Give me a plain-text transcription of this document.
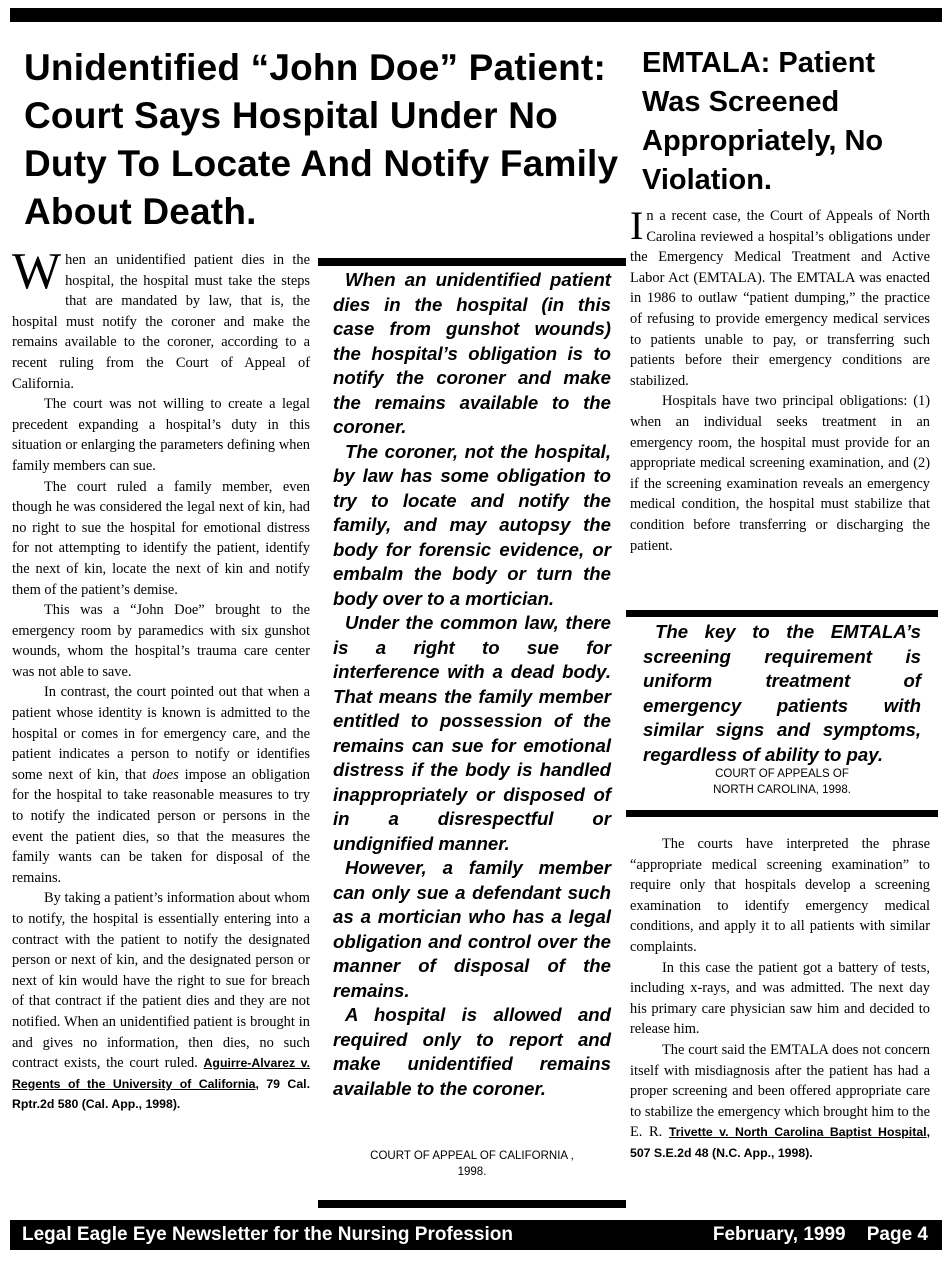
Unidentified “John Doe” Patient: Court Says Hospital Under No Duty To Locate And Notify Family About Death.

When an unidentified patient dies in the hospital, the hospital must take the steps that are mandated by law, that is, the hospital must notify the coroner and make the remains available to the coroner, according to a recent ruling from the Court of Appeal of California.

The court was not willing to create a legal precedent expanding a hospital’s duty in this situation or enlarging the parameters defining when family members can sue.

The court ruled a family member, even though he was considered the legal next of kin, had no right to sue the hospital for emotional distress for not attempting to identify the patient, identify the next of kin, locate the next of kin and notify them of the patient’s demise.

This was a “John Doe” brought to the emergency room by paramedics with six gunshot wounds, whom the hospital’s trauma care center was not able to save.

In contrast, the court pointed out that when a patient whose identity is known is admitted to the hospital or comes in for emergency care, and the patient indicates a person to notify or identifies some next of kin, that does impose an obligation for the hospital to take reasonable measures to try to notify the indicated person or persons in the event the patient dies, so that the measures the family wants can be taken for disposal of the remains.

By taking a patient’s information about whom to notify, the hospital is essentially entering into a contract with the patient to notify the designated person or next of kin, and the designated person or next of kin would have the right to sue for breach of that contract if the patient dies and they are not notified. When an unidentified patient is brought in and gives no information, then dies, no such contract exists, the court ruled. Aguirre-Alvarez v. Regents of the University of California, 79 Cal. Rptr.2d 580 (Cal. App., 1998).

When an unidentified patient dies in the hospital (in this case from gunshot wounds) the hospital’s obligation is to notify the coroner and make the remains available to the coroner.

The coroner, not the hospital, by law has some obligation to try to locate and notify the family, and may autopsy the body for forensic evidence, or embalm the body or turn the body over to a mortician.

Under the common law, there is a right to sue for interference with a dead body. That means the family member entitled to possession of the remains can sue for emotional distress if the body is handled inappropriately or disposed of in a disrespectful or undignified manner.

However, a family member can only sue a defendant such as a mortician who has a legal obligation and control over the manner of disposal of the remains.

A hospital is allowed and required only to report and make unidentified remains available to the coroner.

COURT OF APPEAL OF CALIFORNIA ,
1998.
EMTALA: Patient Was Screened Appropriately, No Violation.

In a recent case, the Court of Appeals of North Carolina reviewed a hospital’s obligations under the Emergency Medical Treatment and Active Labor Act (EMTALA). The EMTALA was enacted in 1986 to outlaw “patient dumping,” the practice of refusing to provide emergency medical services to patients unable to pay, or transferring such patients before their emergency conditions are stabilized.

Hospitals have two principal obligations: (1) when an individual seeks treatment in an emergency room, the hospital must provide for an appropriate medical screening examination, and (2) if the screening examination reveals an emergency medical condition, the hospital must stabilize that condition before transferring or discharging the patient.

The key to the EMTALA’s screening requirement is uniform treatment of emergency patients with similar signs and symptoms, regardless of ability to pay.

COURT OF APPEALS OF
NORTH CAROLINA, 1998.

The courts have interpreted the phrase “appropriate medical screening examination” to require only that hospitals develop a screening examination to identify emergency medical conditions, and apply it to all patients with similar complaints.

In this case the patient got a battery of tests, including x-rays, and was admitted. The next day his primary care physician saw him and decided to release him.

The court said the EMTALA does not concern itself with misdiagnosis after the patient has had a proper screening and been offered appropriate care to stabilize the emergency which brought him to the E. R. Trivette v. North Carolina Baptist Hospital, 507 S.E.2d 48 (N.C. App., 1998).

Legal Eagle Eye Newsletter for the Nursing Profession	February, 1999 Page 4
